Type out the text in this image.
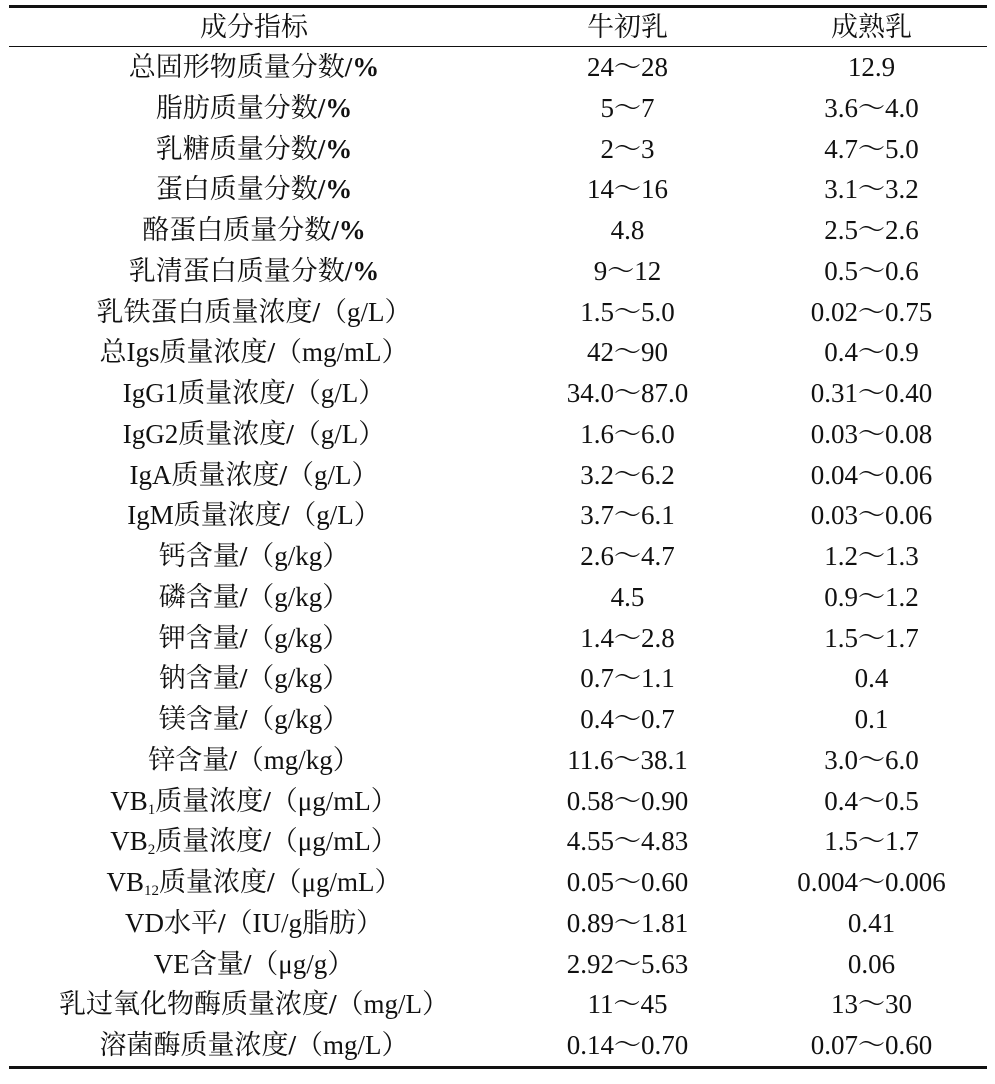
成分指标	牛初乳	成熟乳
总固形物质量分数/%	24～28	12.9
脂肪质量分数/%	5～7	3.6～4.0
乳糖质量分数/%	2～3	4.7～5.0
蛋白质量分数/%	14～16	3.1～3.2
酪蛋白质量分数/%	4.8	2.5～2.6
乳清蛋白质量分数/%	9～12	0.5～0.6
乳铁蛋白质量浓度/（g/L）	1.5～5.0	0.02～0.75
总Igs质量浓度/（mg/mL）	42～90	0.4～0.9
IgG1质量浓度/（g/L）	34.0～87.0	0.31～0.40
IgG2质量浓度/（g/L）	1.6～6.0	0.03～0.08
IgA质量浓度/（g/L）	3.2～6.2	0.04～0.06
IgM质量浓度/（g/L）	3.7～6.1	0.03～0.06
钙含量/（g/kg）	2.6～4.7	1.2～1.3
磷含量/（g/kg）	4.5	0.9～1.2
钾含量/（g/kg）	1.4～2.8	1.5～1.7
钠含量/（g/kg）	0.7～1.1	0.4
镁含量/（g/kg）	0.4～0.7	0.1
锌含量/（mg/kg）	11.6～38.1	3.0～6.0
$VB_1$质量浓度/（μg/mL）	0.58～0.90	0.4～0.5
$VB_2$质量浓度/（μg/mL）	4.55～4.83	1.5～1.7
$VB_{12}$质量浓度/（μg/mL）	0.05～0.60	0.004～0.006
VD水平/（IU/g脂肪）	0.89～1.81	0.41
VE含量/（μg/g）	2.92～5.63	0.06
乳过氧化物酶质量浓度/（mg/L）	11～45	13～30
溶菌酶质量浓度/（mg/L）	0.14～0.70	0.07～0.60
